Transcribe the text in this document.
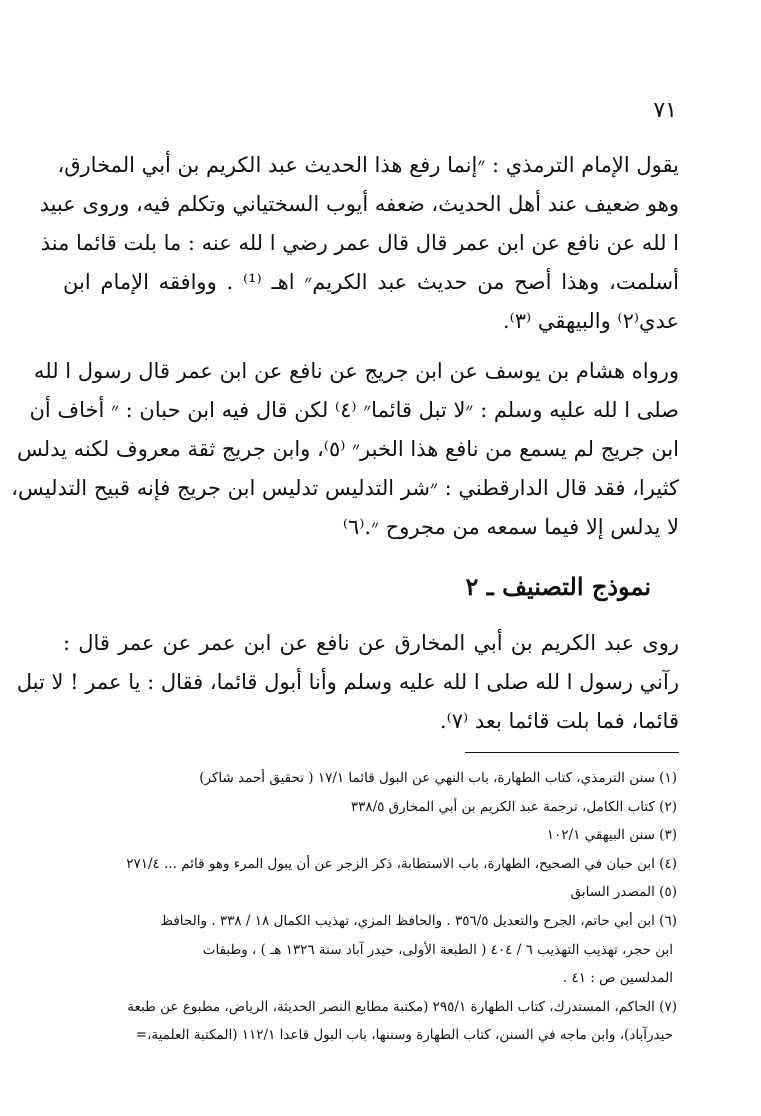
٧١
يقول الإمام الترمذي : ״إنما رفع هذا الحديث عبد الكريم بن أبي المخارق،
وهو ضعيف عند أهل الحديث، ضعفه أيوب السختياني وتكلم فيه، وروى عبيد
ا لله عن نافع عن ابن عمر قال قال عمر رضي ا لله عنه : ما بلت قائما منذ
أسلمت، وهذا أصح من حديث عبد الكريم״ اهـ ⁽¹⁾ . ووافقه الإمام ابن
عدي⁽٢⁾ والبيهقي ⁽٣⁾.
ورواه هشام بن يوسف عن ابن جريج عن نافع عن ابن عمر قال رسول ا لله
صلى ا لله عليه وسلم : ״لا تبل قائما״ ⁽٤⁾ لكن قال فيه ابن حبان : ״ أخاف أن
ابن جريج لم يسمع من نافع هذا الخبر״ ⁽٥⁾، وابن جريج ثقة معروف لكنه يدلس
كثيرا، فقد قال الدارقطني : ״شر التدليس تدليس ابن جريج فإنه قبيح التدليس،
لا يدلس إلا فيما سمعه من مجروح ״.⁽٦⁾
نموذج التصنيف ـ ٢
روى عبد الكريم بن أبي المخارق عن نافع عن ابن عمر عن عمر قال :
رآني رسول ا لله صلى ا لله عليه وسلم وأنا أبول قائما، فقال : يا عمر ! لا تبل
قائما، فما بلت قائما بعد ⁽٧⁾.
(١) سنن الترمذي، كتاب الطهارة، باب النهي عن البول قائما ١٧/١ ( تحقيق أحمد شاكر)
(٢) كتاب الكامل، ترجمة عبد الكريم بن أبي المخارق ٣٣٨/٥
(٣) سنن البيهقي ١٠٢/١
(٤) ابن حبان في الصحيح، الطهارة، باب الاستطابة، ذكر الزجر عن أن يبول المرء وهو قائم ... ٢٧١/٤
(٥) المصدر السابق
(٦) ابن أبي حاتم، الجرح والتعديل ٣٥٦/٥ . والحافظ المزي، تهذيب الكمال ١٨ / ٣٣٨ . والحافظ
ابن حجر، تهذيب التهذيب ٦ / ٤٠٤ ( الطبعة الأولى، حيدر آباد سنة ١٣٢٦ هـ ) ، وطبقات
المدلسين ص : ٤١ .
(٧) الحاكم، المستدرك، كتاب الطهارة ٢٩٥/١ (مكتبة مطابع النصر الحديثة، الرياض، مطبوع عن طبعة
حيدرآباد)، وابن ماجه في السنن، كتاب الطهارة وسننها، باب البول قاعدا ١١٢/١ (المكتبة العلمية،=
